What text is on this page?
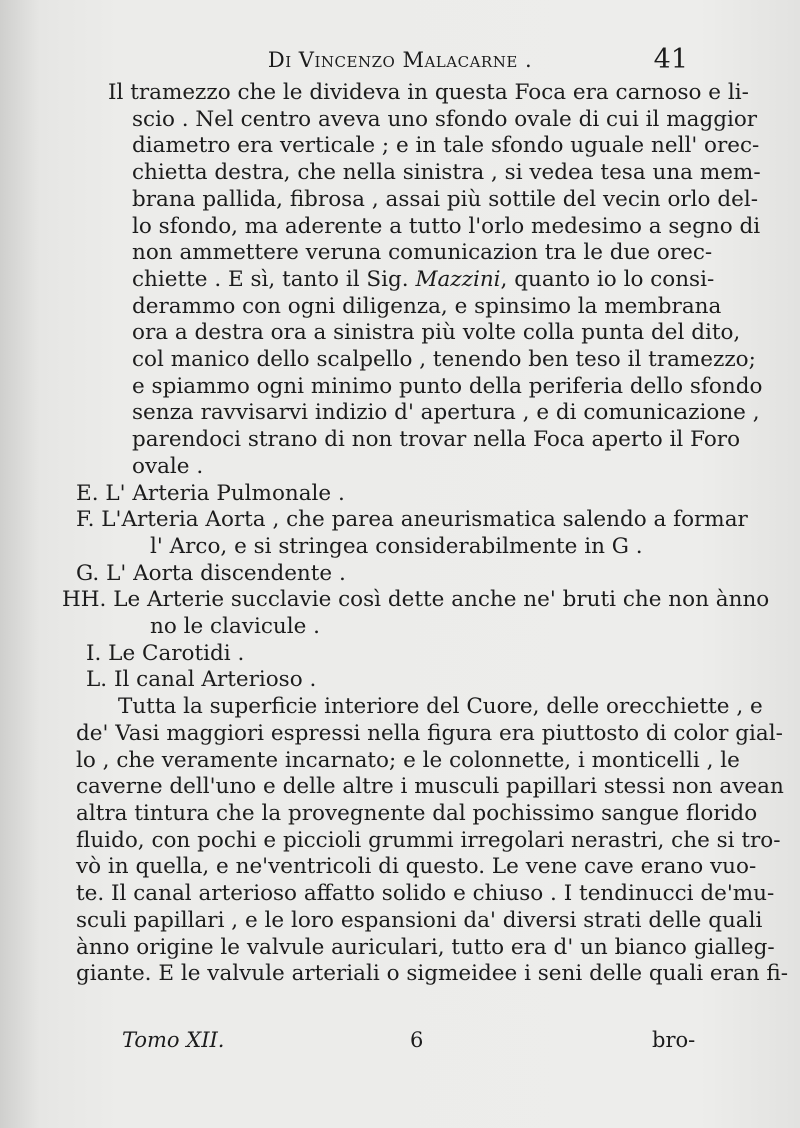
Di Vincenzo Malacarne .	41
Il tramezzo che le divideva in questa Foca era carnoso e li-
scio . Nel centro aveva uno sfondo ovale di cui il maggior
diametro era verticale ; e in tale sfondo uguale nell' orec-
chietta destra, che nella sinistra , si vedea tesa una mem-
brana pallida, fibrosa , assai più sottile del vecin orlo del-
lo sfondo, ma aderente a tutto l'orlo medesimo a segno di
non ammettere veruna comunicazion tra le due orec-
chiette . E sì, tanto il Sig. Mazzini, quanto io lo consi-
derammo con ogni diligenza, e spinsimo la membrana
ora a destra ora a sinistra più volte colla punta del dito,
col manico dello scalpello , tenendo ben teso il tramezzo;
e spiammo ogni minimo punto della periferia dello sfondo
senza ravvisarvi indizio d' apertura , e di comunicazione ,
parendoci strano di non trovar nella Foca aperto il Foro
ovale .
E. L' Arteria Pulmonale .
F. L'Arteria Aorta , che parea aneurismatica salendo a formar
l' Arco, e si stringea considerabilmente in G .
G. L' Aorta discendente .
HH. Le Arterie succlavie così dette anche ne' bruti che non ànno
no le clavicule .
I. Le Carotidi .
L. Il canal Arterioso .
Tutta la superficie interiore del Cuore, delle orecchiette , e
de' Vasi maggiori espressi nella figura era piuttosto di color gial-
lo , che veramente incarnato; e le colonnette, i monticelli , le
caverne dell'uno e delle altre i musculi papillari stessi non avean
altra tintura che la provegnente dal pochissimo sangue florido
fluido, con pochi e piccioli grummi irregolari nerastri, che si tro-
vò in quella, e ne'ventricoli di questo. Le vene cave erano vuo-
te. Il canal arterioso affatto solido e chiuso . I tendinucci de'mu-
sculi papillari , e le loro espansioni da' diversi strati delle quali
ànno origine le valvule auriculari, tutto era d' un bianco gialleg-
giante. E le valvule arteriali o sigmeidee i seni delle quali eran fi-
Tomo XII.	6	bro-
